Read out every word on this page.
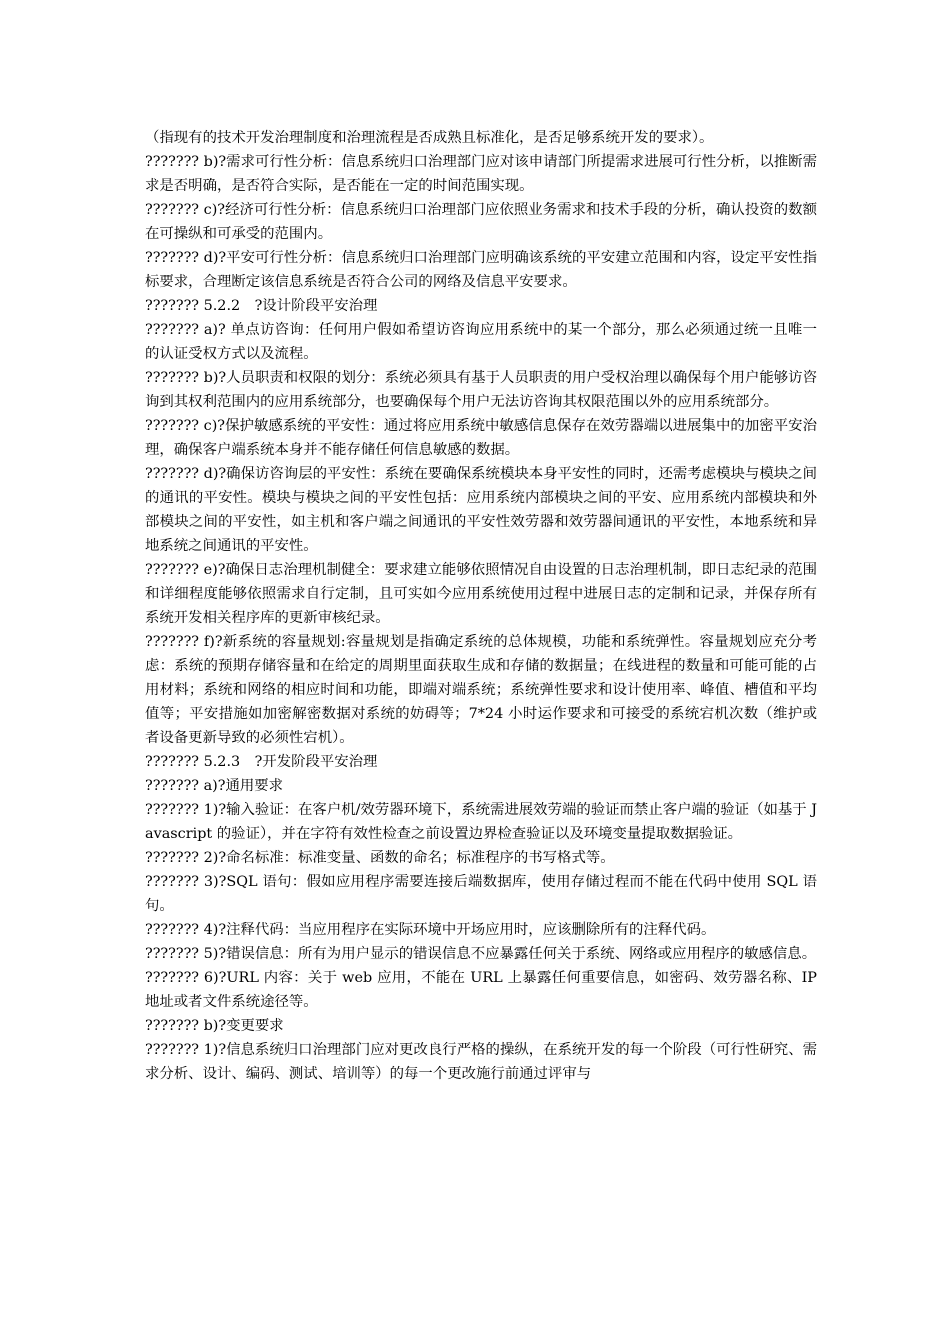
（指现有的技术开发治理制度和治理流程是否成熟且标准化，是否足够系统开发的要求）。

??????? b)?需求可行性分析：信息系统归口治理部门应对该申请部门所提需求进展可行性分析，以推断需求是否明确，是否符合实际，是否能在一定的时间范围实现。

??????? c)?经济可行性分析：信息系统归口治理部门应依照业务需求和技术手段的分析，确认投资的数额在可操纵和可承受的范围内。

??????? d)?平安可行性分析：信息系统归口治理部门应明确该系统的平安建立范围和内容，设定平安性指标要求，合理断定该信息系统是否符合公司的网络及信息平安要求。

??????? 5.2.2　?设计阶段平安治理

??????? a)? 单点访咨询：任何用户假如希望访咨询应用系统中的某一个部分，那么必须通过统一且唯一的认证受权方式以及流程。

??????? b)?人员职责和权限的划分：系统必须具有基于人员职责的用户受权治理以确保每个用户能够访咨询到其权利范围内的应用系统部分，也要确保每个用户无法访咨询其权限范围以外的应用系统部分。

??????? c)?保护敏感系统的平安性：通过将应用系统中敏感信息保存在效劳器端以进展集中的加密平安治理，确保客户端系统本身并不能存储任何信息敏感的数据。

??????? d)?确保访咨询层的平安性：系统在要确保系统模块本身平安性的同时，还需考虑模块与模块之间的通讯的平安性。模块与模块之间的平安性包括：应用系统内部模块之间的平安、应用系统内部模块和外部模块之间的平安性，如主机和客户端之间通讯的平安性效劳器和效劳器间通讯的平安性，本地系统和异地系统之间通讯的平安性。

??????? e)?确保日志治理机制健全：要求建立能够依照情况自由设置的日志治理机制，即日志纪录的范围和详细程度能够依照需求自行定制，且可实如今应用系统使用过程中进展日志的定制和记录，并保存所有系统开发相关程序库的更新审核纪录。

??????? f)?新系统的容量规划:容量规划是指确定系统的总体规模，功能和系统弹性。容量规划应充分考虑：系统的预期存储容量和在给定的周期里面获取生成和存储的数据量；在线进程的数量和可能可能的占用材料；系统和网络的相应时间和功能，即端对端系统；系统弹性要求和设计使用率、峰值、槽值和平均值等；平安措施如加密解密数据对系统的妨碍等；7*24 小时运作要求和可接受的系统宕机次数（维护或者设备更新导致的必须性宕机）。

??????? 5.2.3　?开发阶段平安治理

??????? a)?通用要求

??????? 1)?输入验证：在客户机/效劳器环境下，系统需进展效劳端的验证而禁止客户端的验证（如基于 Javascript 的验证），并在字符有效性检查之前设置边界检查验证以及环境变量提取数据验证。

??????? 2)?命名标准：标准变量、函数的命名；标准程序的书写格式等。

??????? 3)?SQL 语句：假如应用程序需要连接后端数据库，使用存储过程而不能在代码中使用 SQL 语句。

??????? 4)?注释代码：当应用程序在实际环境中开场应用时，应该删除所有的注释代码。

??????? 5)?错误信息：所有为用户显示的错误信息不应暴露任何关于系统、网络或应用程序的敏感信息。

??????? 6)?URL 内容：关于 web 应用，不能在 URL 上暴露任何重要信息，如密码、效劳器名称、IP 地址或者文件系统途径等。

??????? b)?变更要求

??????? 1)?信息系统归口治理部门应对更改良行严格的操纵，在系统开发的每一个阶段（可行性研究、需求分析、设计、编码、测试、培训等）的每一个更改施行前通过评审与
